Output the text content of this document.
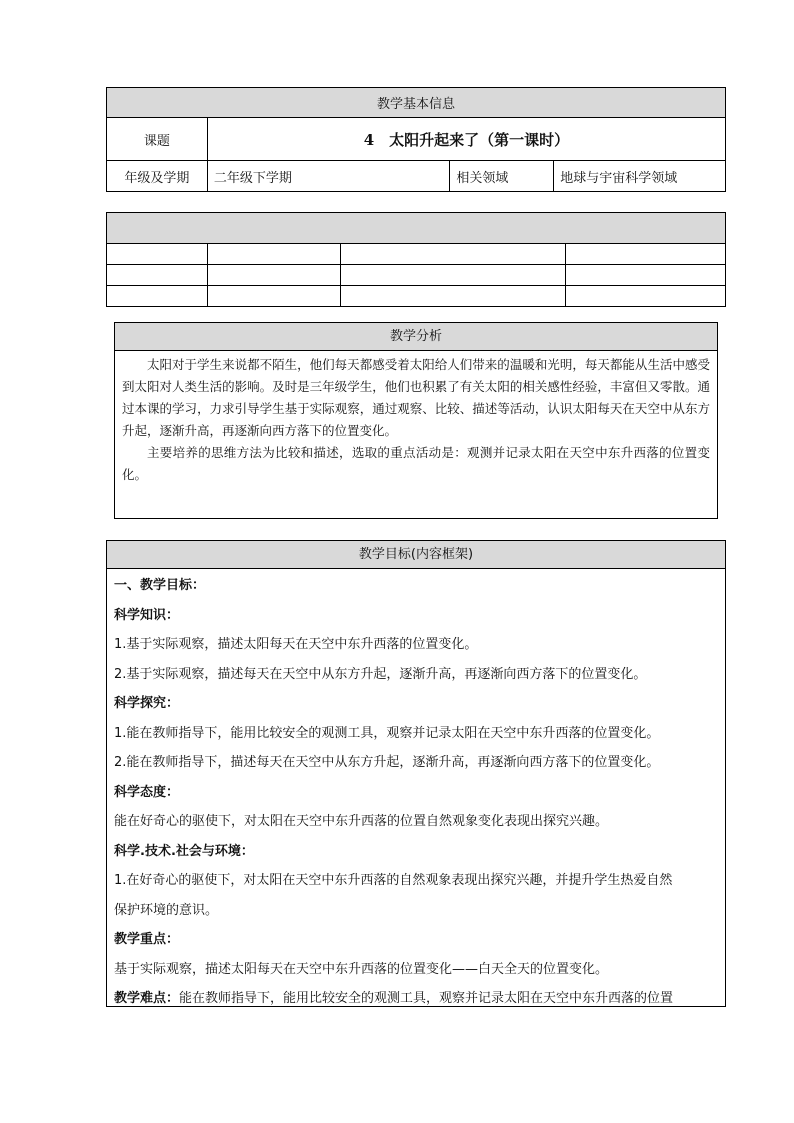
教学基本信息			
课题	4　太阳升起来了（第一课时）		
年级及学期	二年级下学期	相关领域	地球与宇宙科学领域

教学分析

太阳对于学生来说都不陌生，他们每天都感受着太阳给人们带来的温暖和光明，每天都能从生活中感受到太阳对人类生活的影响。及时是三年级学生，他们也积累了有关太阳的相关感性经验，丰富但又零散。通过本课的学习，力求引导学生基于实际观察，通过观察、比较、描述等活动，认识太阳每天在天空中从东方升起，逐渐升高，再逐渐向西方落下的位置变化。

主要培养的思维方法为比较和描述，选取的重点活动是：观测并记录太阳在天空中东升西落的位置变化。

教学目标(内容框架)
一、教学目标：
科学知识：
1.基于实际观察，描述太阳每天在天空中东升西落的位置变化。
2.基于实际观察，描述每天在天空中从东方升起，逐渐升高，再逐渐向西方落下的位置变化。
科学探究：
1.能在教师指导下，能用比较安全的观测工具，观察并记录太阳在天空中东升西落的位置变化。
2.能在教师指导下，描述每天在天空中从东方升起，逐渐升高，再逐渐向西方落下的位置变化。
科学态度：
能在好奇心的驱使下，对太阳在天空中东升西落的位置自然观象变化表现出探究兴趣。
科学.技术.社会与环境：
1.在好奇心的驱使下，对太阳在天空中东升西落的自然观象表现出探究兴趣，并提升学生热爱自然
保护环境的意识。
教学重点：
基于实际观察，描述太阳每天在天空中东升西落的位置变化——白天全天的位置变化。
教学难点：能在教师指导下，能用比较安全的观测工具，观察并记录太阳在天空中东升西落的位置
